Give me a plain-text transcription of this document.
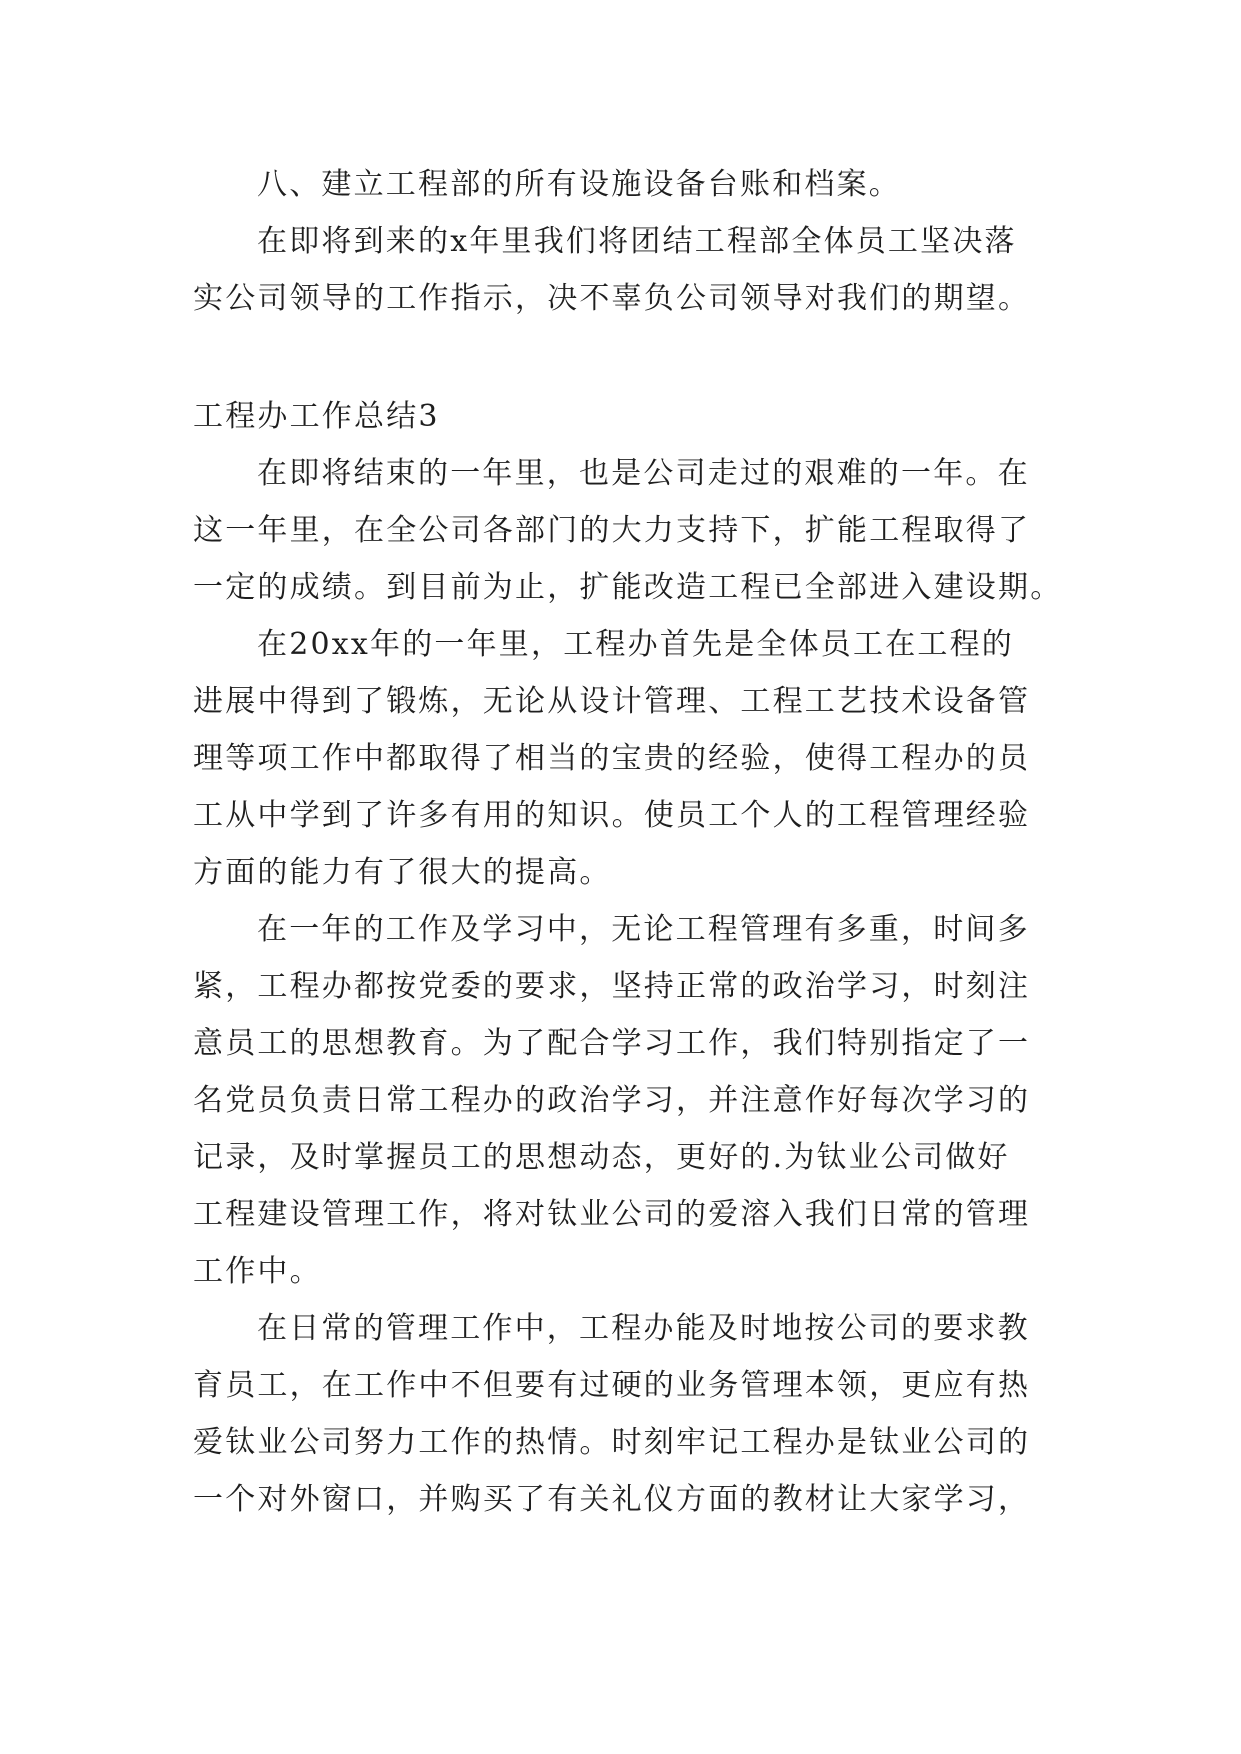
八、建立工程部的所有设施设备台账和档案。
在即将到来的x年里我们将团结工程部全体员工坚决落
实公司领导的工作指示，决不辜负公司领导对我们的期望。
工程办工作总结3
在即将结束的一年里，也是公司走过的艰难的一年。在
这一年里，在全公司各部门的大力支持下，扩能工程取得了
一定的成绩。到目前为止，扩能改造工程已全部进入建设期。
在20xx年的一年里，工程办首先是全体员工在工程的
进展中得到了锻炼，无论从设计管理、工程工艺技术设备管
理等项工作中都取得了相当的宝贵的经验，使得工程办的员
工从中学到了许多有用的知识。使员工个人的工程管理经验
方面的能力有了很大的提高。
在一年的工作及学习中，无论工程管理有多重，时间多
紧，工程办都按党委的要求，坚持正常的政治学习，时刻注
意员工的思想教育。为了配合学习工作，我们特别指定了一
名党员负责日常工程办的政治学习，并注意作好每次学习的
记录，及时掌握员工的思想动态，更好的.为钛业公司做好
工程建设管理工作，将对钛业公司的爱溶入我们日常的管理
工作中。
在日常的管理工作中，工程办能及时地按公司的要求教
育员工，在工作中不但要有过硬的业务管理本领，更应有热
爱钛业公司努力工作的热情。时刻牢记工程办是钛业公司的
一个对外窗口，并购买了有关礼仪方面的教材让大家学习，
